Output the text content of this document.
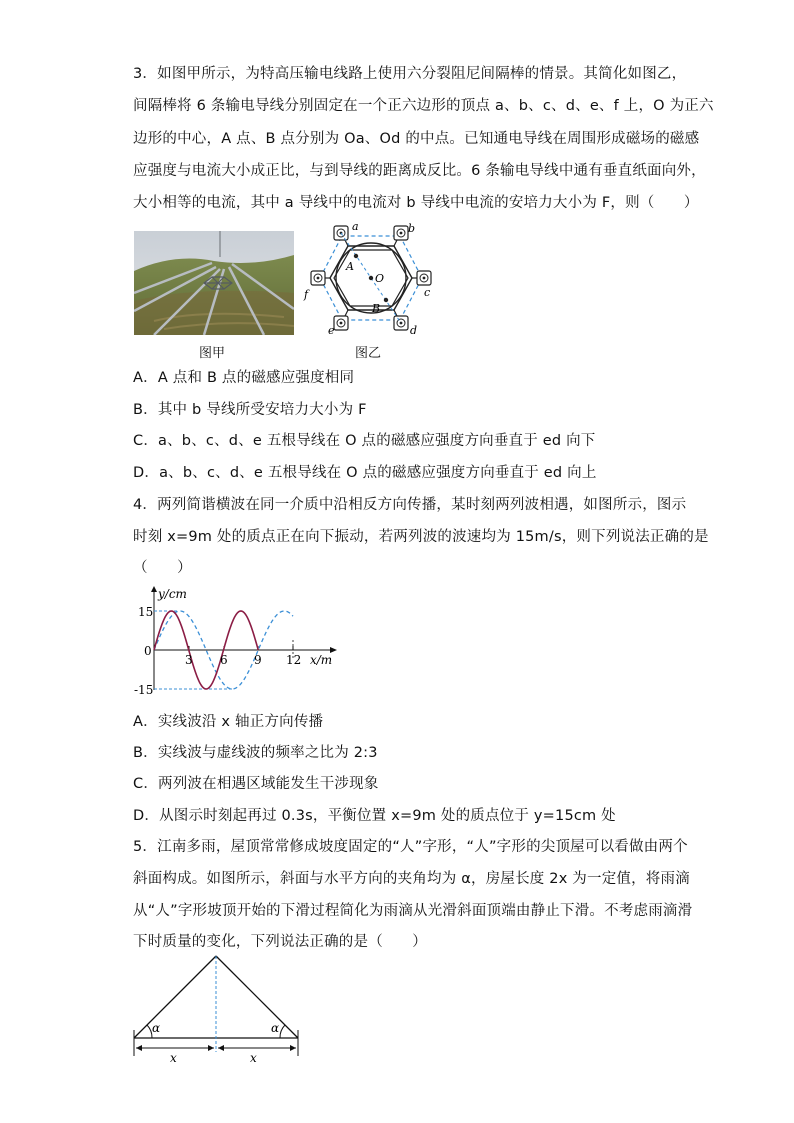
3．如图甲所示，为特高压输电线路上使用六分裂阻尼间隔棒的情景。其简化如图乙，
间隔棒将 6 条输电导线分别固定在一个正六边形的顶点 a、b、c、d、e、f 上，O 为正六
边形的中心，A 点、B 点分别为 Oa、Od 的中点。已知通电导线在周围形成磁场的磁感
应强度与电流大小成正比，与到导线的距离成反比。6 条输电导线中通有垂直纸面向外，
大小相等的电流，其中 a 导线中的电流对 b 导线中电流的安培力大小为 F，则（　　）
图甲
a	b
c
d
e
f
A
O
B
图乙
A．A 点和 B 点的磁感应强度相同
B．其中 b 导线所受安培力大小为 F
C．a、b、c、d、e 五根导线在 O 点的磁感应强度方向垂直于 ed 向下
D．a、b、c、d、e 五根导线在 O 点的磁感应强度方向垂直于 ed 向上
4．两列简谐横波在同一介质中沿相反方向传播，某时刻两列波相遇，如图所示，图示
时刻 x=9m 处的质点正在向下振动，若两列波的波速均为 15m/s，则下列说法正确的是
（　　）
y/cm
x/m
15
0
-15
3 6 9 12
A．实线波沿 x 轴正方向传播
B．实线波与虚线波的频率之比为 2:3
C．两列波在相遇区域能发生干涉现象
D．从图示时刻起再过 0.3s，平衡位置 x=9m 处的质点位于 y=15cm 处
5．江南多雨，屋顶常常修成坡度固定的“人”字形，“人”字形的尖顶屋可以看做由两个
斜面构成。如图所示，斜面与水平方向的夹角均为 α，房屋长度 2x 为一定值，将雨滴
从“人”字形坡顶开始的下滑过程简化为雨滴从光滑斜面顶端由静止下滑。不考虑雨滴滑
下时质量的变化，下列说法正确的是（　　）
α	α
x	x
